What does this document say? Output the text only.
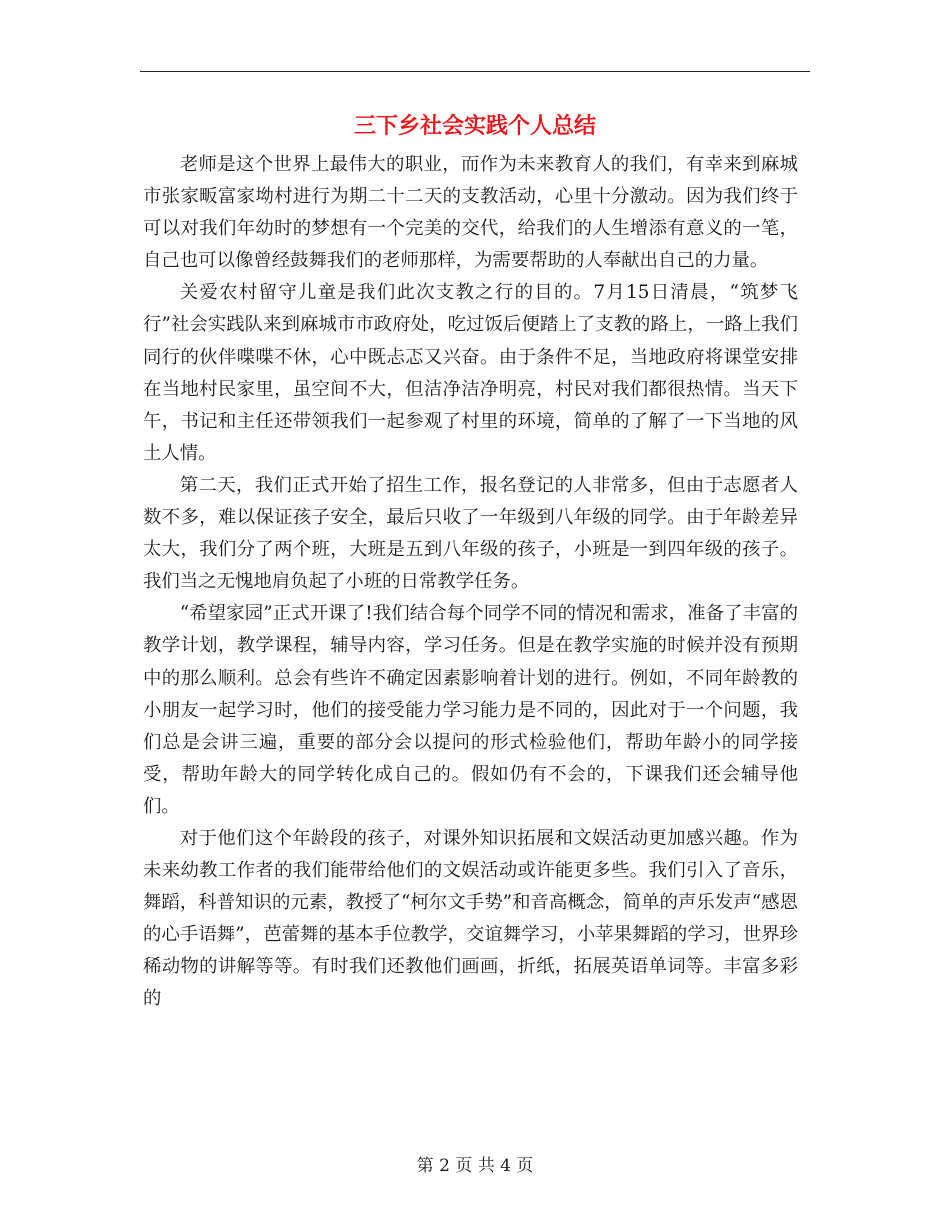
三下乡社会实践个人总结

老师是这个世界上最伟大的职业，而作为未来教育人的我们，有幸来到麻城市张家畈富家坳村进行为期二十二天的支教活动，心里十分激动。因为我们终于可以对我们年幼时的梦想有一个完美的交代，给我们的人生增添有意义的一笔，自己也可以像曾经鼓舞我们的老师那样，为需要帮助的人奉献出自己的力量。

关爱农村留守儿童是我们此次支教之行的目的。7月15日清晨，“筑梦飞行”社会实践队来到麻城市市政府处，吃过饭后便踏上了支教的路上，一路上我们同行的伙伴喋喋不休，心中既忐忑又兴奋。由于条件不足，当地政府将课堂安排在当地村民家里，虽空间不大，但洁净洁净明亮，村民对我们都很热情。当天下午，书记和主任还带领我们一起参观了村里的环境，简单的了解了一下当地的风土人情。

第二天，我们正式开始了招生工作，报名登记的人非常多，但由于志愿者人数不多，难以保证孩子安全，最后只收了一年级到八年级的同学。由于年龄差异太大，我们分了两个班，大班是五到八年级的孩子，小班是一到四年级的孩子。我们当之无愧地肩负起了小班的日常教学任务。

“希望家园”正式开课了!我们结合每个同学不同的情况和需求，准备了丰富的教学计划，教学课程，辅导内容，学习任务。但是在教学实施的时候并没有预期中的那么顺利。总会有些许不确定因素影响着计划的进行。例如，不同年龄教的小朋友一起学习时，他们的接受能力学习能力是不同的，因此对于一个问题，我们总是会讲三遍，重要的部分会以提问的形式检验他们，帮助年龄小的同学接受，帮助年龄大的同学转化成自己的。假如仍有不会的，下课我们还会辅导他们。

对于他们这个年龄段的孩子，对课外知识拓展和文娱活动更加感兴趣。作为未来幼教工作者的我们能带给他们的文娱活动或许能更多些。我们引入了音乐，舞蹈，科普知识的元素，教授了“柯尔文手势”和音高概念，简单的声乐发声“感恩的心手语舞”，芭蕾舞的基本手位教学，交谊舞学习，小苹果舞蹈的学习，世界珍稀动物的讲解等等。有时我们还教他们画画，折纸，拓展英语单词等。丰富多彩的

第 2 页 共 4 页
